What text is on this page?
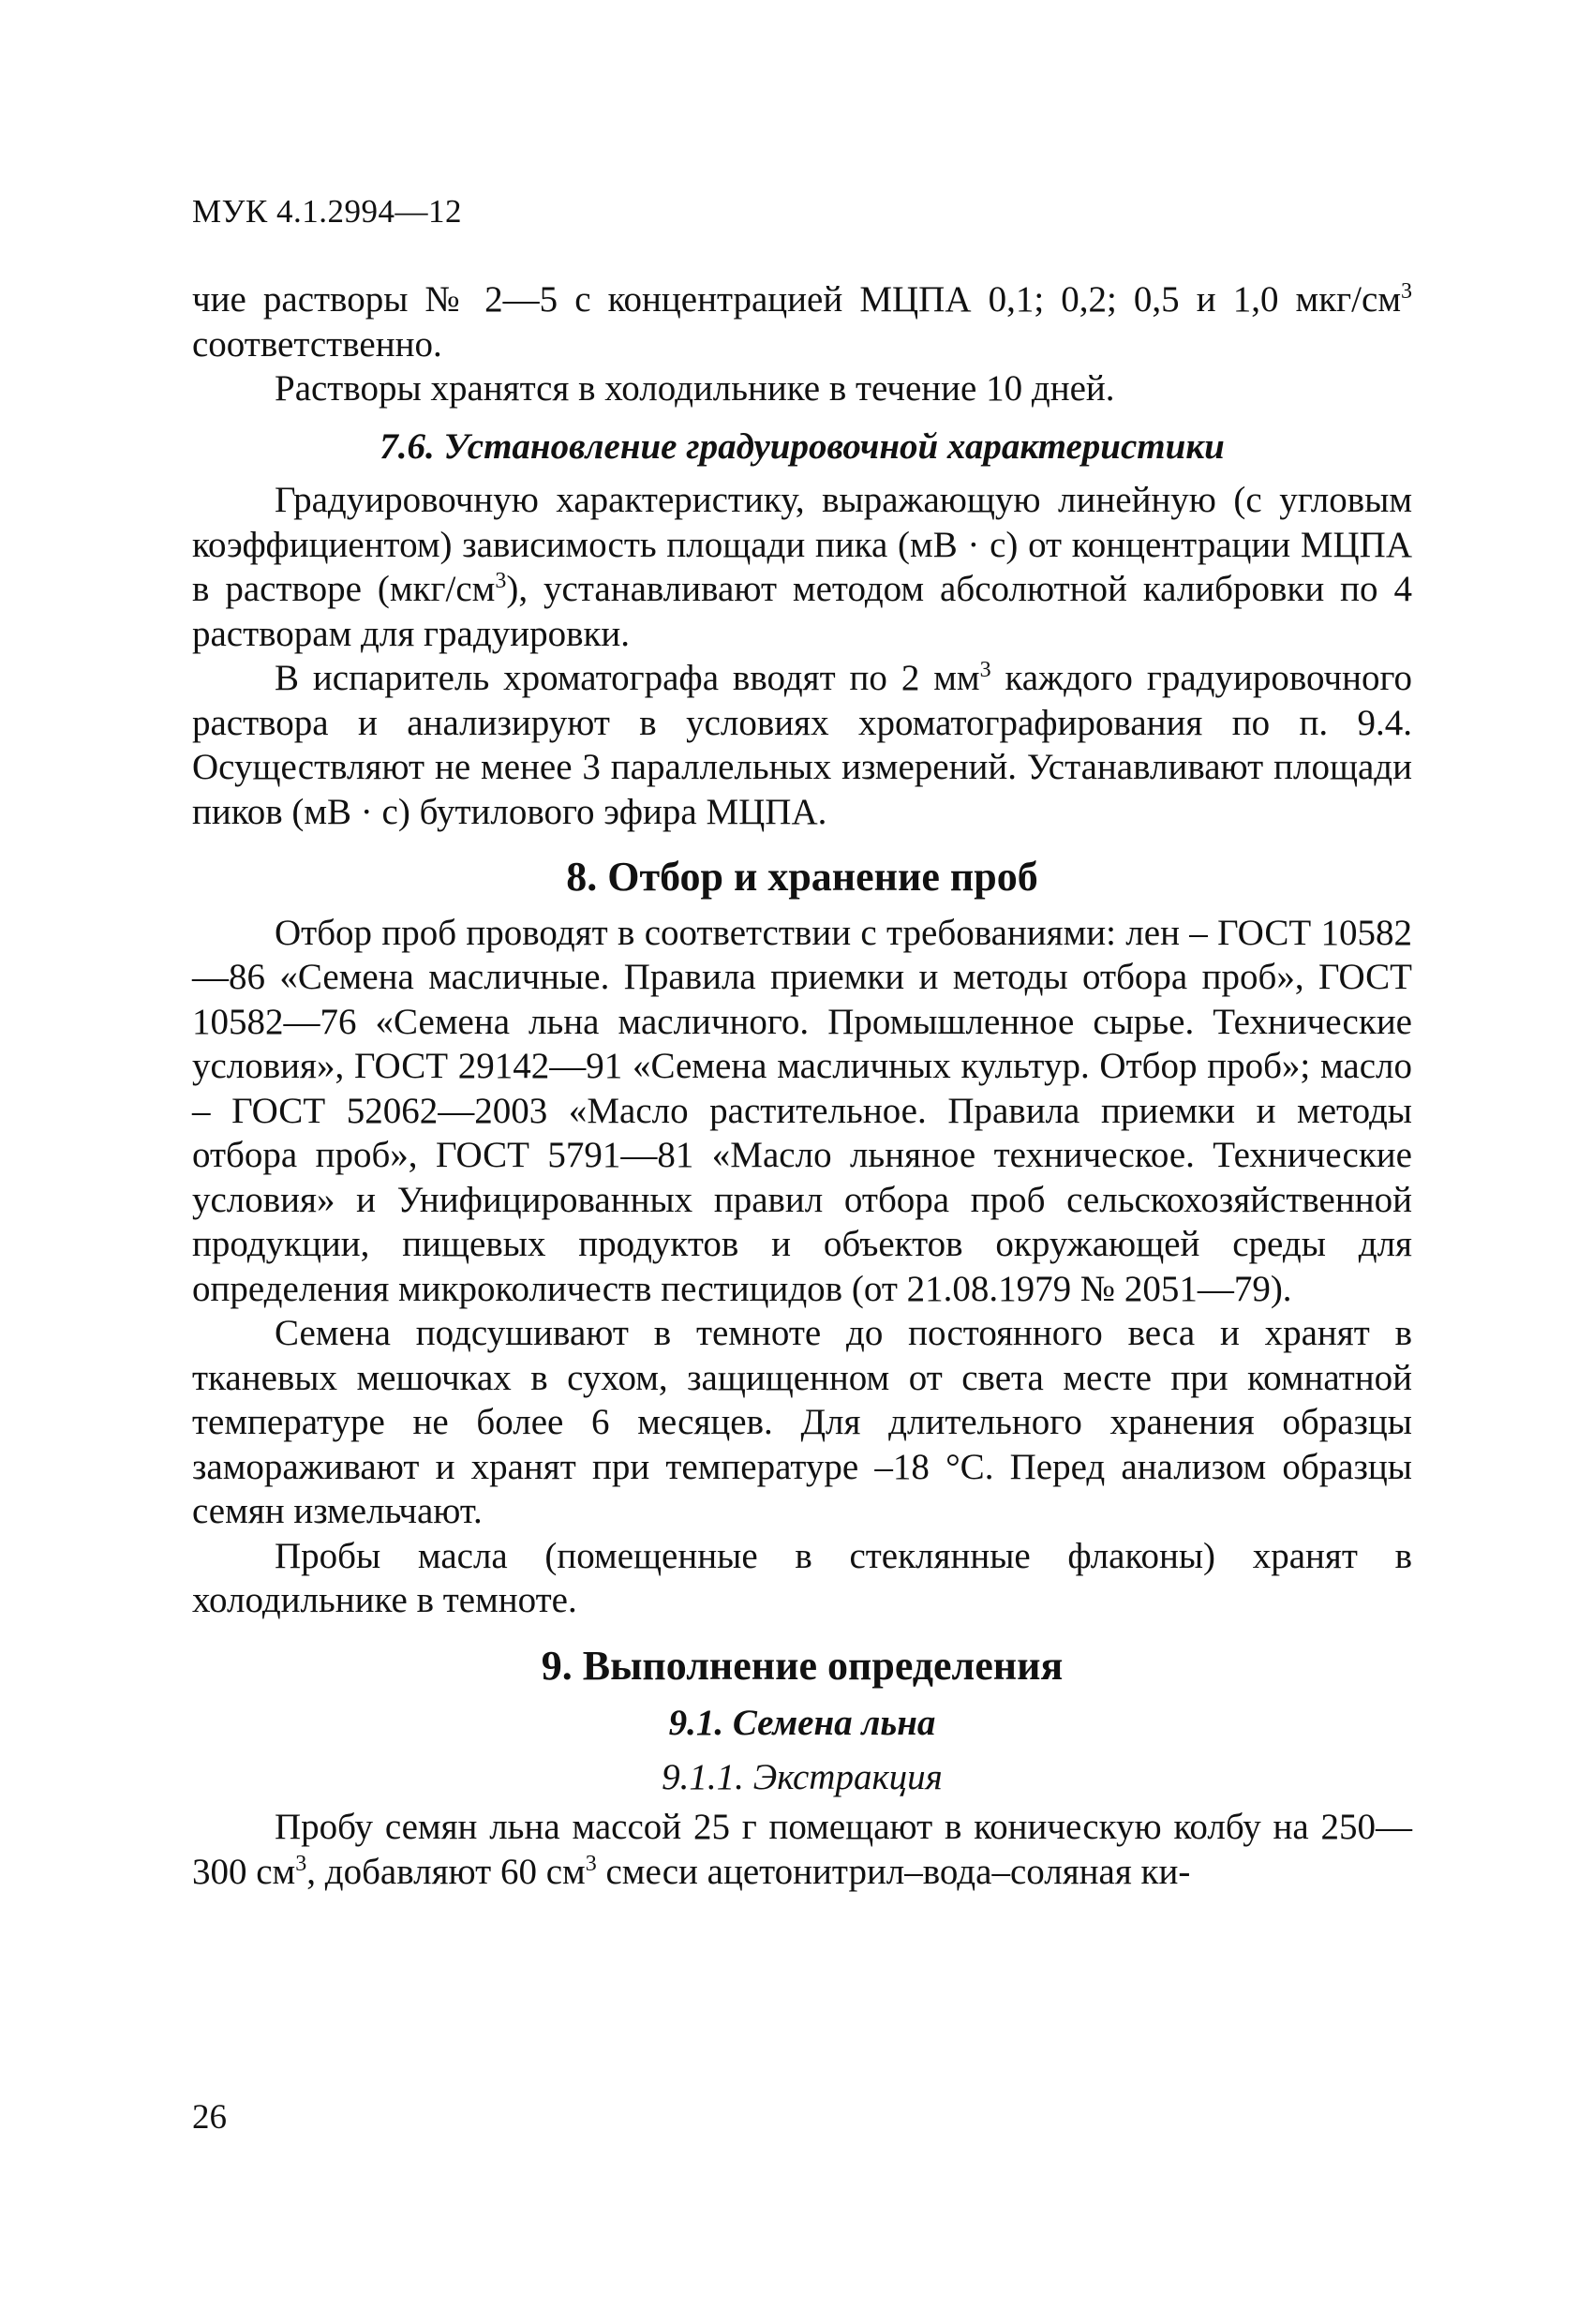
МУК 4.1.2994—12

чие растворы № 2—5 с концентрацией МЦПА 0,1; 0,2; 0,5 и 1,0 мкг/$см^3$ соответственно.

Растворы хранятся в холодильнике в течение 10 дней.

7.6. Установление градуировочной характеристики

Градуировочную характеристику, выражающую линейную (с угловым коэффициентом) зависимость площади пика (мВ · с) от концентрации МЦПА в растворе $(мкг/см^3)$, устанавливают методом абсолютной калибровки по 4 растворам для градуировки.

В испаритель хроматографа вводят по 2 $мм^3$ каждого градуировочного раствора и анализируют в условиях хроматографирования по п. 9.4. Осуществляют не менее 3 параллельных измерений. Устанавливают площади пиков (мВ · с) бутилового эфира МЦПА.

8. Отбор и хранение проб

Отбор проб проводят в соответствии с требованиями: лен – ГОСТ 10582—86 «Семена масличные. Правила приемки и методы отбора проб», ГОСТ 10582—76 «Семена льна масличного. Промышленное сырье. Технические условия», ГОСТ 29142—91 «Семена масличных культур. Отбор проб»; масло – ГОСТ 52062—2003 «Масло растительное. Правила приемки и методы отбора проб», ГОСТ 5791—81 «Масло льняное техническое. Технические условия» и Унифицированных правил отбора проб сельскохозяйственной продукции, пищевых продуктов и объектов окружающей среды для определения микроколичеств пестицидов (от 21.08.1979 № 2051—79).

Семена подсушивают в темноте до постоянного веса и хранят в тканевых мешочках в сухом, защищенном от света месте при комнатной температуре не более 6 месяцев. Для длительного хранения образцы замораживают и хранят при температуре –18 °С. Перед анализом образцы семян измельчают.

Пробы масла (помещенные в стеклянные флаконы) хранят в холодильнике в темноте.

9. Выполнение определения
9.1. Семена льна
9.1.1. Экстракция

Пробу семян льна массой 25 г помещают в коническую колбу на 250—300 $см^3$, добавляют 60 $см^3$ смеси ацетонитрил–вода–соляная ки-

26
